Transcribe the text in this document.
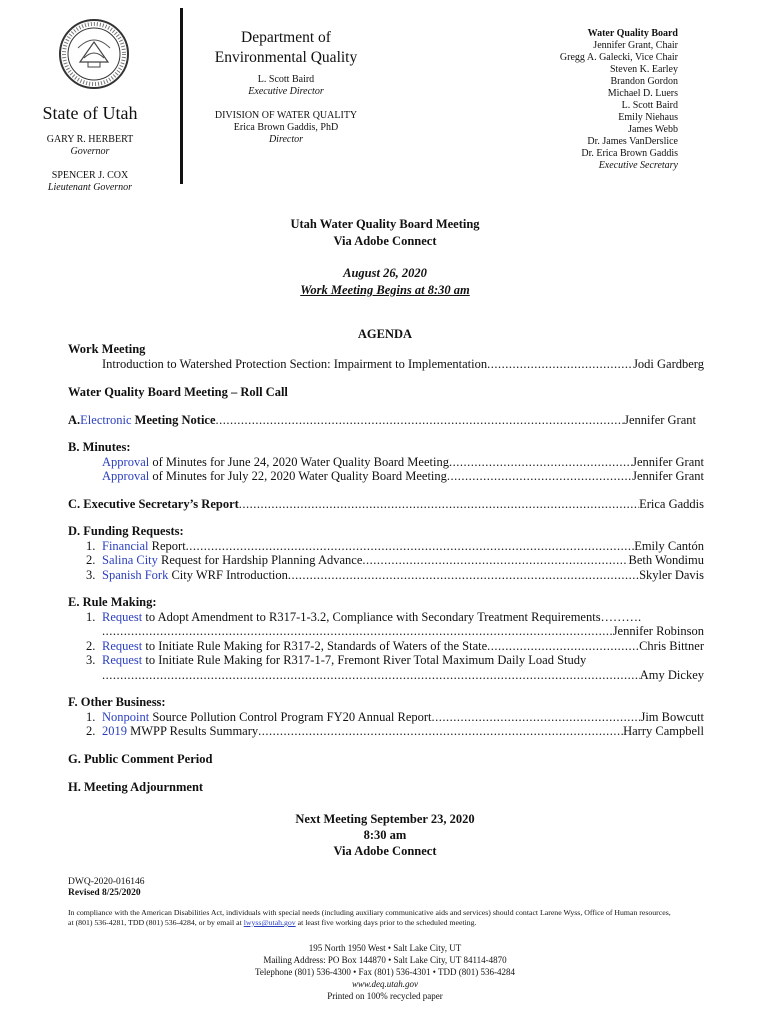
State of Utah
GARY R. HERBERT
Governor
SPENCER J. COX
Lieutenant Governor
Department of
Environmental Quality
L. Scott Baird
Executive Director
DIVISION OF WATER QUALITY
Erica Brown Gaddis, PhD
Director
Water Quality Board
Jennifer Grant, Chair
Gregg A. Galecki, Vice Chair
Steven K. Earley
Brandon Gordon
Michael D. Luers
L. Scott Baird
Emily Niehaus
James Webb
Dr. James VanDerslice
Dr. Erica Brown Gaddis
Executive Secretary
Utah Water Quality Board Meeting
Via Adobe Connect
August 26, 2020
Work Meeting Begins at 8:30 am
AGENDA
Work Meeting
Introduction to Watershed Protection Section: Impairment to Implementation .....	Jodi Gardberg
Water Quality Board Meeting – Roll Call
A.Electronic Meeting Notice .....	Jennifer Grant
B. Minutes:
Approval of Minutes for June 24, 2020 Water Quality Board Meeting .....	Jennifer Grant
Approval of Minutes for July 22, 2020 Water Quality Board Meeting .....	Jennifer Grant
C. Executive Secretary’s Report .....	Erica Gaddis
D. Funding Requests:
1. Financial Report .....	Emily Cantón
2. Salina City Request for Hardship Planning Advance .....	Beth Wondimu
3. Spanish Fork City WRF Introduction .....	Skyler Davis
E. Rule Making:
1. Request to Adopt Amendment to R317-1-3.2, Compliance with Secondary Treatment Requirements……….
.....
Jennifer Robinson
2. Request to Initiate Rule Making for R317-2, Standards of Waters of the State .....	Chris Bittner
3. Request to Initiate Rule Making for R317-1-7, Fremont River Total Maximum Daily Load Study
.....
Amy Dickey
F. Other Business:
1. Nonpoint Source Pollution Control Program FY20 Annual Report .....	Jim Bowcutt
2. 2019 MWPP Results Summary .....	Harry Campbell
G. Public Comment Period
H. Meeting Adjournment
Next Meeting September 23, 2020
8:30 am
Via Adobe Connect
DWQ-2020-016146
Revised 8/25/2020
In compliance with the American Disabilities Act, individuals with special needs (including auxiliary communicative aids and services) should contact Larene Wyss, Office of Human resources,
at (801) 536-4281, TDD (801) 536-4284, or by email at lwyss@utah.gov at least five working days prior to the scheduled meeting.
195 North 1950 West • Salt Lake City, UT
Mailing Address: PO Box 144870 • Salt Lake City, UT 84114-4870
Telephone (801) 536-4300 • Fax (801) 536-4301 • TDD (801) 536-4284
www.deq.utah.gov
Printed on 100% recycled paper
